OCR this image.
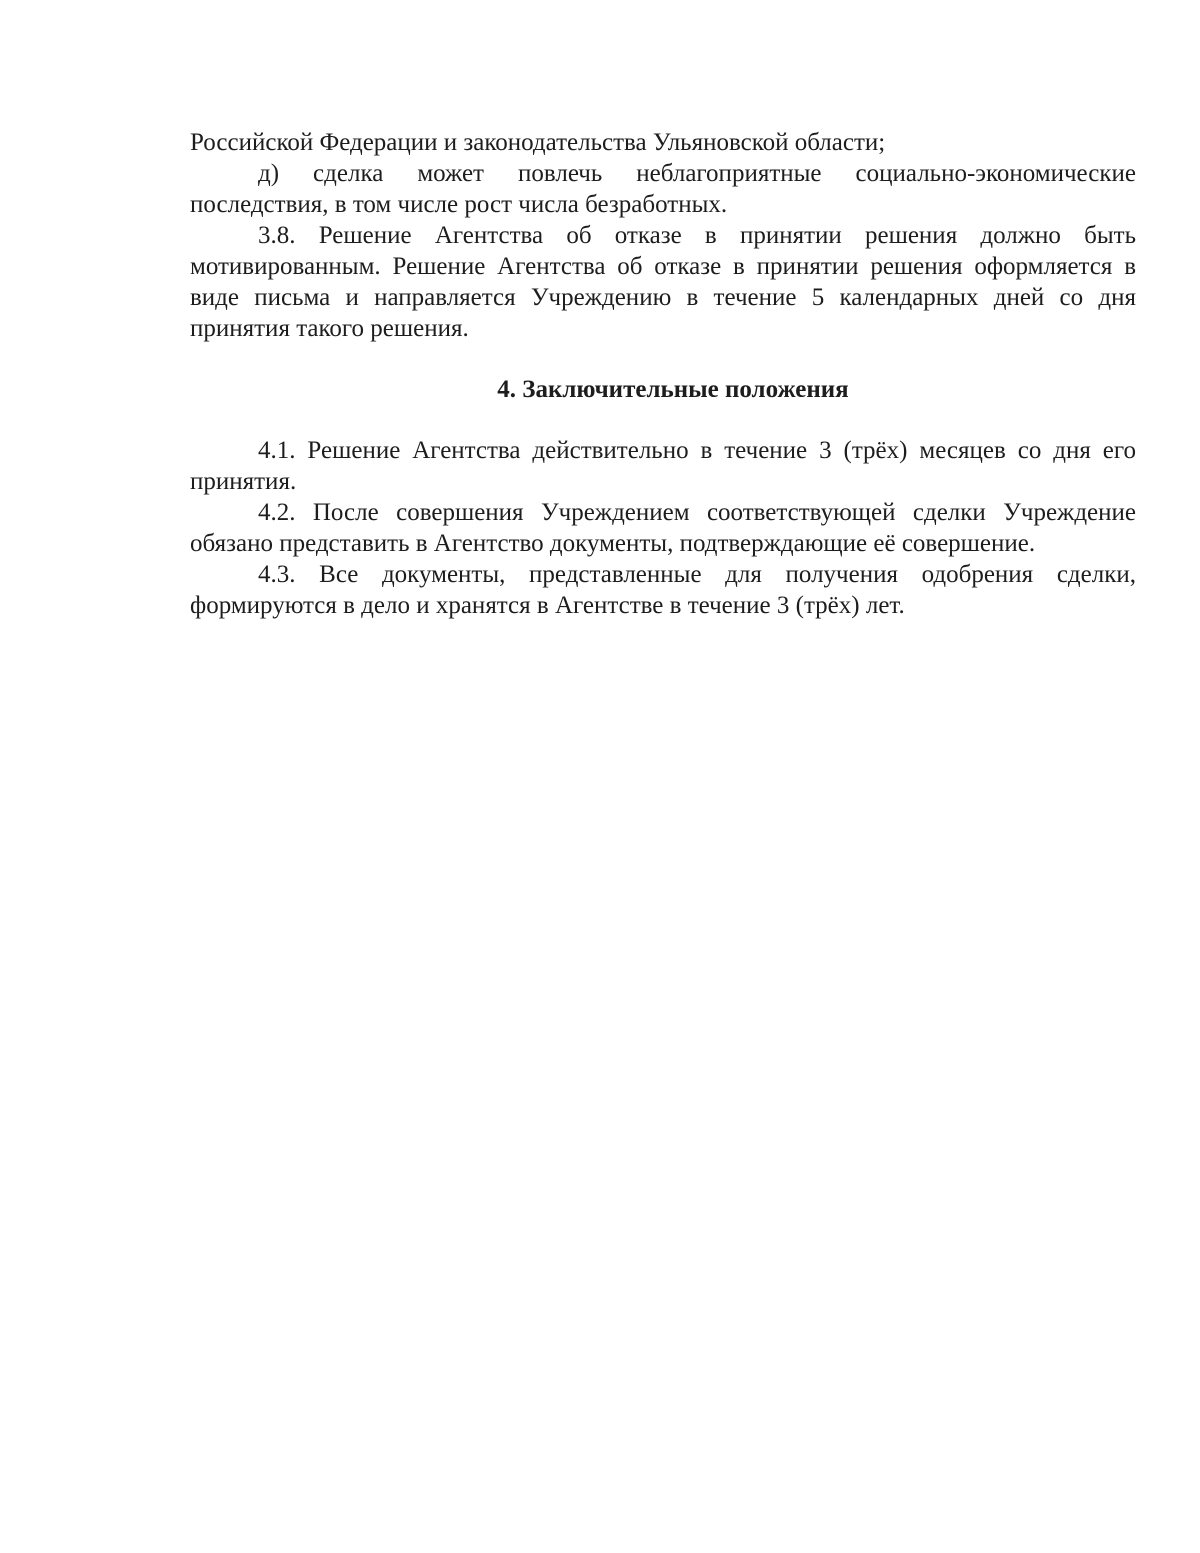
Российской Федерации и законодательства Ульяновской области;

д) сделка может повлечь неблагоприятные социально-экономические последствия, в том числе рост числа безработных.

3.8. Решение Агентства об отказе в принятии решения должно быть мотивированным. Решение Агентства об отказе в принятии решения оформляется в виде письма и направляется Учреждению в течение 5 календарных дней со дня принятия такого решения.

4. Заключительные положения

4.1. Решение Агентства действительно в течение 3 (трёх) месяцев со дня его принятия.

4.2. После совершения Учреждением соответствующей сделки Учреждение обязано представить в Агентство документы, подтверждающие её совершение.

4.3. Все документы, представленные для получения одобрения сделки, формируются в дело и хранятся в Агентстве в течение 3 (трёх) лет.
